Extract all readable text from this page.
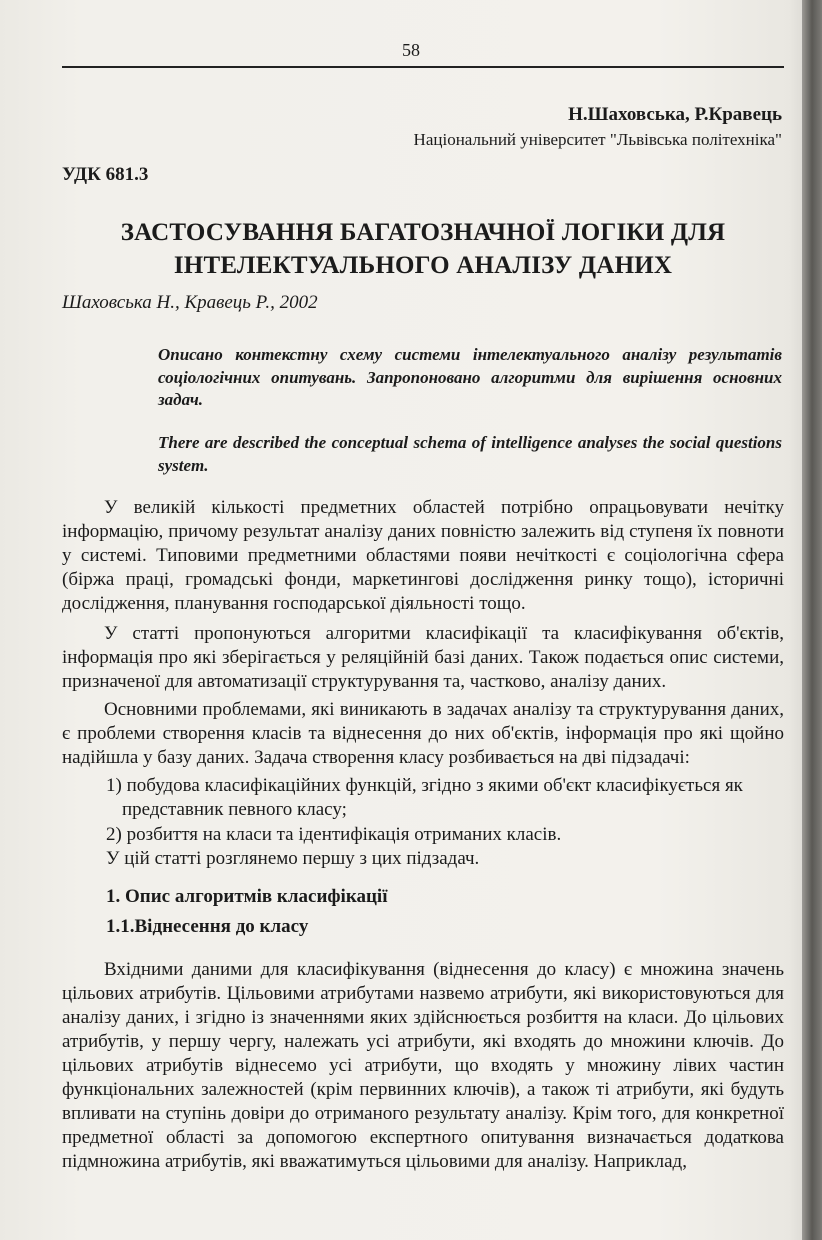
58
Н.Шаховська, Р.Кравець
Національний університет "Львівська політехніка"
УДК 681.3
ЗАСТОСУВАННЯ БАГАТОЗНАЧНОЇ ЛОГІКИ ДЛЯ
ІНТЕЛЕКТУАЛЬНОГО АНАЛІЗУ ДАНИХ
Шаховська Н., Кравець Р., 2002
Описано контекстну схему системи інтелектуального аналізу результатів соціологічних опитувань. Запропоновано алгоритми для вирішення основних задач.
There are described the conceptual schema of intelligence analyses the social questions system.

У великій кількості предметних областей потрібно опрацьовувати нечітку інформацію, причому результат аналізу даних повністю залежить від ступеня їх повноти у системі. Типовими предметними областями появи нечіткості є соціологічна сфера (біржа праці, громадські фонди, маркетингові дослідження ринку тощо), історичні дослідження, планування господарської діяльності тощо.

У статті пропонуються алгоритми класифікації та класифікування об'єктів, інформація про які зберігається у реляційній базі даних. Також подається опис системи, призначеної для автоматизації структурування та, частково, аналізу даних.

Основними проблемами, які виникають в задачах аналізу та структурування даних, є проблеми створення класів та віднесення до них об'єктів, інформація про які щойно надійшла у базу даних. Задача створення класу розбивається на дві підзадачі:

1) побудова класифікаційних функцій, згідно з якими об'єкт класифікується як представник певного класу;

2) розбиття на класи та ідентифікація отриманих класів.

У цій статті розглянемо першу з цих підзадач.

1. Опис алгоритмів класифікації
1.1.Віднесення до класу

Вхідними даними для класифікування (віднесення до класу) є множина значень цільових атрибутів. Цільовими атрибутами назвемо атрибути, які використовуються для аналізу даних, і згідно із значеннями яких здійснюється розбиття на класи. До цільових атрибутів, у першу чергу, належать усі атрибути, які входять до множини ключів. До цільових атрибутів віднесемо усі атрибути, що входять у множину лівих частин функціональних залежностей (крім первинних ключів), а також ті атрибути, які будуть впливати на ступінь довіри до отриманого результату аналізу. Крім того, для конкретної предметної області за допомогою експертного опитування визначається додаткова підмножина атрибутів, які вважатимуться цільовими для аналізу. Наприклад,
